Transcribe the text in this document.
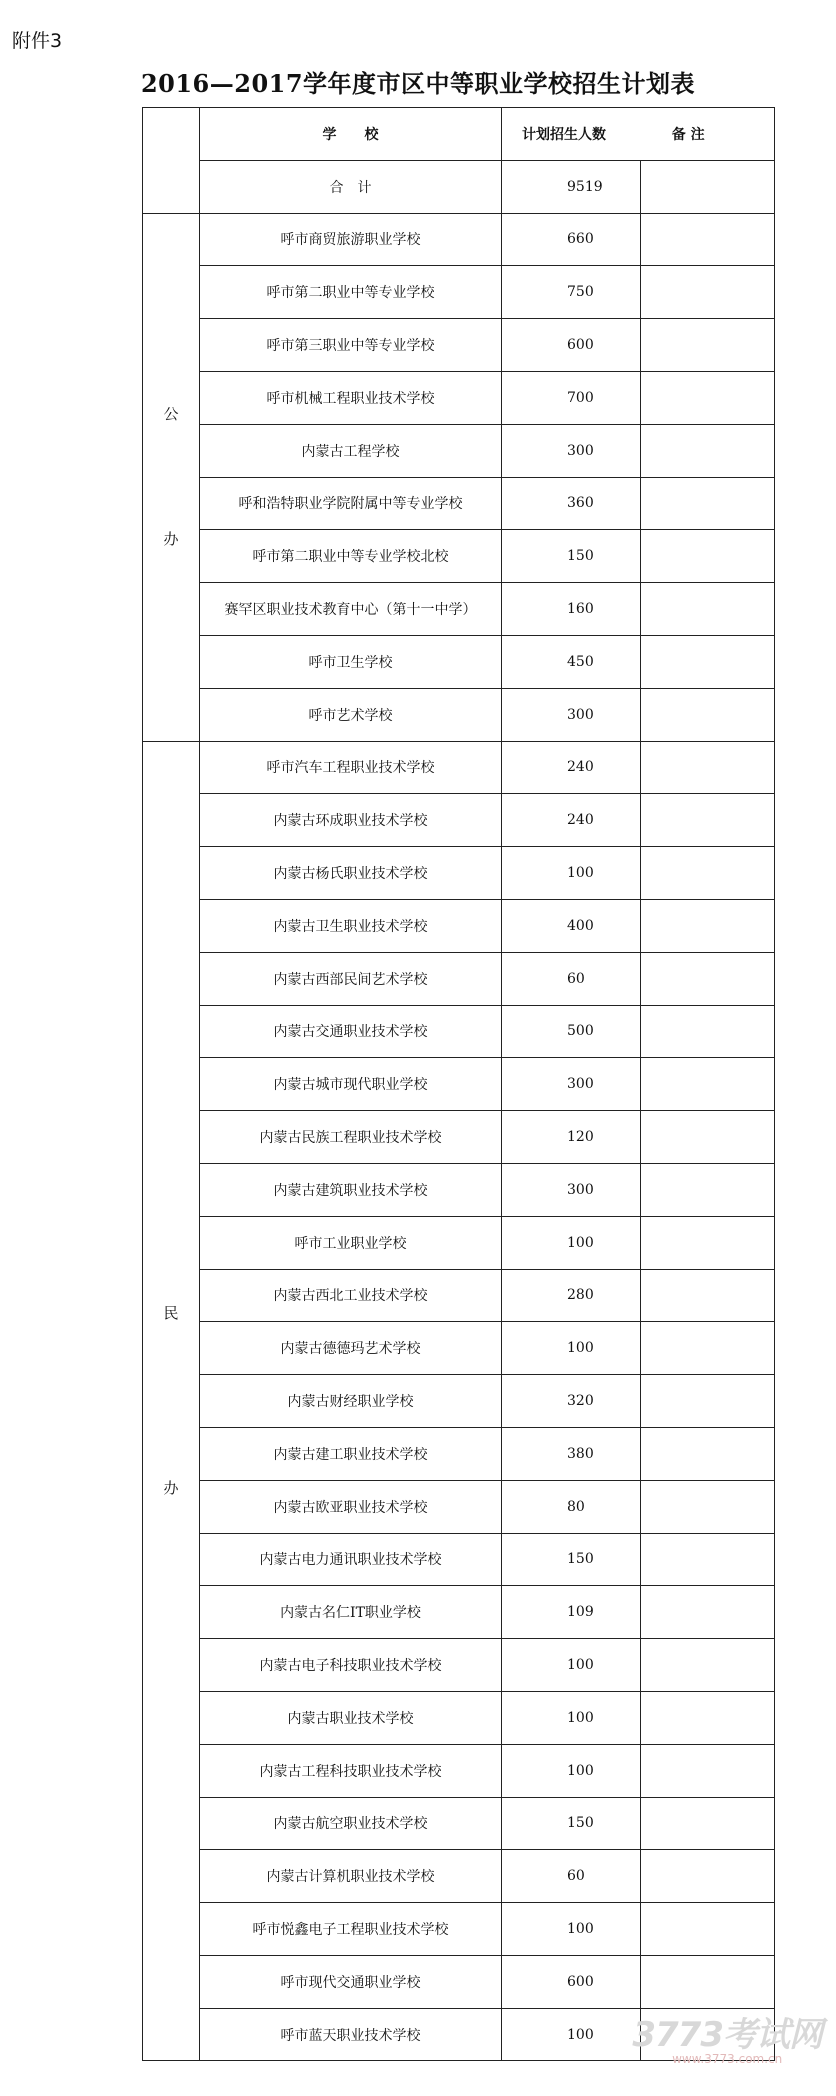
附件3
2016—2017学年度市区中等职业学校招生计划表
	学　　校	计划招生人数 备 注	
	合　计	9519	

公
办	呼市商贸旅游职业学校	660	
	呼市第二职业中等专业学校	750	
	呼市第三职业中等专业学校	600	
	呼市机械工程职业技术学校	700	
	内蒙古工程学校	300	
	呼和浩特职业学院附属中等专业学校	360	
	呼市第二职业中等专业学校北校	150	
	赛罕区职业技术教育中心（第十一中学）	160	
	呼市卫生学校	450	
	呼市艺术学校	300	

民
办	呼市汽车工程职业技术学校	240	
	内蒙古环成职业技术学校	240	
	内蒙古杨氏职业技术学校	100	
	内蒙古卫生职业技术学校	400	
	内蒙古西部民间艺术学校	60	
	内蒙古交通职业技术学校	500	
	内蒙古城市现代职业学校	300	
	内蒙古民族工程职业技术学校	120	
	内蒙古建筑职业技术学校	300	
	呼市工业职业学校	100	
	内蒙古西北工业技术学校	280	
	内蒙古德德玛艺术学校	100	
	内蒙古财经职业学校	320	
	内蒙古建工职业技术学校	380	
	内蒙古欧亚职业技术学校	80	
	内蒙古电力通讯职业技术学校	150	
	内蒙古名仁IT职业学校	109	
	内蒙古电子科技职业技术学校	100	
	内蒙古职业技术学校	100	
	内蒙古工程科技职业技术学校	100	
	内蒙古航空职业技术学校	150	
	内蒙古计算机职业技术学校	60	
	呼市悦鑫电子工程职业技术学校	100	
	呼市现代交通职业学校	600	
	呼市蓝天职业技术学校	100	3773考试网
www.3773.com.cn
